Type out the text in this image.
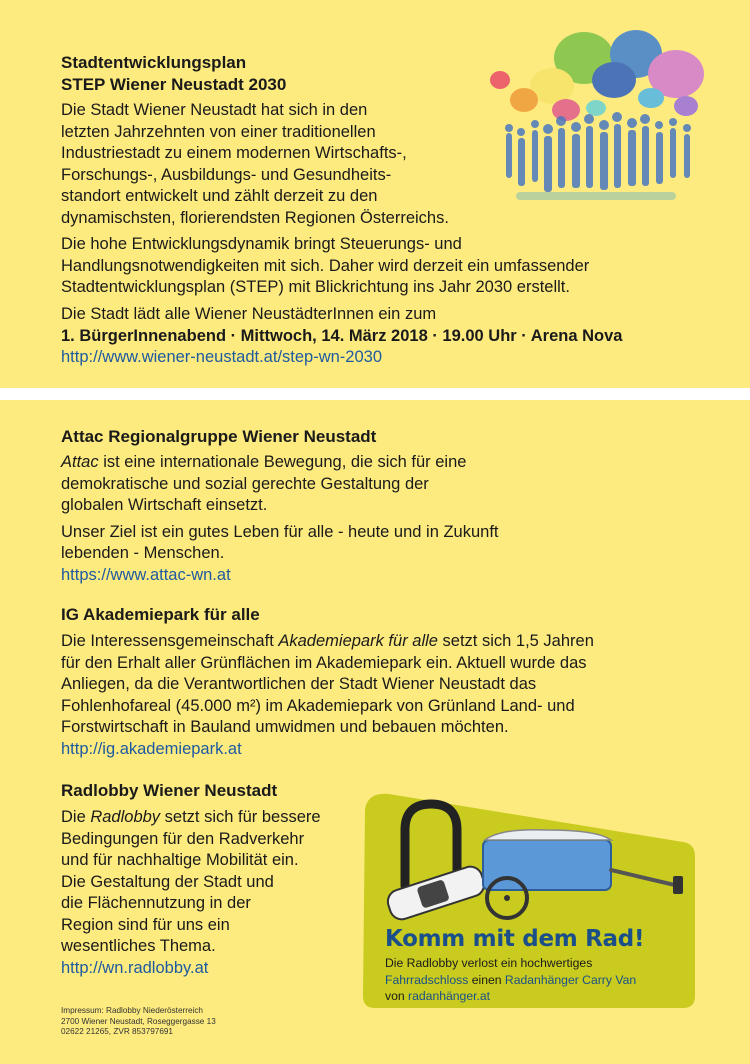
Stadtentwicklungsplan

STEP Wiener Neustadt 2030

Die Stadt Wiener Neustadt hat sich in den

letzten Jahrzehnten von einer traditionellen

Industriestadt zu einem modernen Wirtschafts-,

Forschungs-, Ausbildungs- und Gesundheits-

standort entwickelt und zählt derzeit zu den

dynamischsten, florierendsten Regionen Österreichs.

Die hohe Entwicklungsdynamik bringt Steuerungs- und

Handlungsnotwendigkeiten mit sich. Daher wird derzeit ein umfassender

Stadtentwicklungsplan (STEP) mit Blickrichtung ins Jahr 2030 erstellt.

Die Stadt lädt alle Wiener NeustädterInnen ein zum

1. BürgerInnenabend · Mittwoch, 14. März 2018 · 19.00 Uhr · Arena Nova

http://www.wiener-neustadt.at/step-wn-2030

Attac Regionalgruppe Wiener Neustadt

Attac ist eine internationale Bewegung, die sich für eine

demokratische und sozial gerechte Gestaltung der

globalen Wirtschaft einsetzt.

Unser Ziel ist ein gutes Leben für alle - heute und in Zukunft

lebenden - Menschen.

https://www.attac-wn.at

IG Akademiepark für alle

Die Interessensgemeinschaft Akademiepark für alle setzt sich 1,5 Jahren

für den Erhalt aller Grünflächen im Akademiepark ein. Aktuell wurde das

Anliegen, da die Verantwortlichen der Stadt Wiener Neustadt das

Fohlenhofareal (45.000 m²) im Akademiepark von Grünland Land- und

Forstwirtschaft in Bauland umwidmen und bebauen möchten.

http://ig.akademiepark.at

Radlobby Wiener Neustadt

Die Radlobby setzt sich für bessere

Bedingungen für den Radverkehr

und für nachhaltige Mobilität ein.

Die Gestaltung der Stadt und

die Flächennutzung in der

Region sind für uns ein

wesentliches Thema.

http://wn.radlobby.at
Komm mit dem Rad!
Die Radlobby verlost ein hochwertiges
Fahrradschloss einen Radanhänger Carry Van
von radanhänger.at
Impressum: Radlobby Niederösterreich
2700 Wiener Neustadt, Roseggergasse 13
02622 21265, ZVR 853797691
